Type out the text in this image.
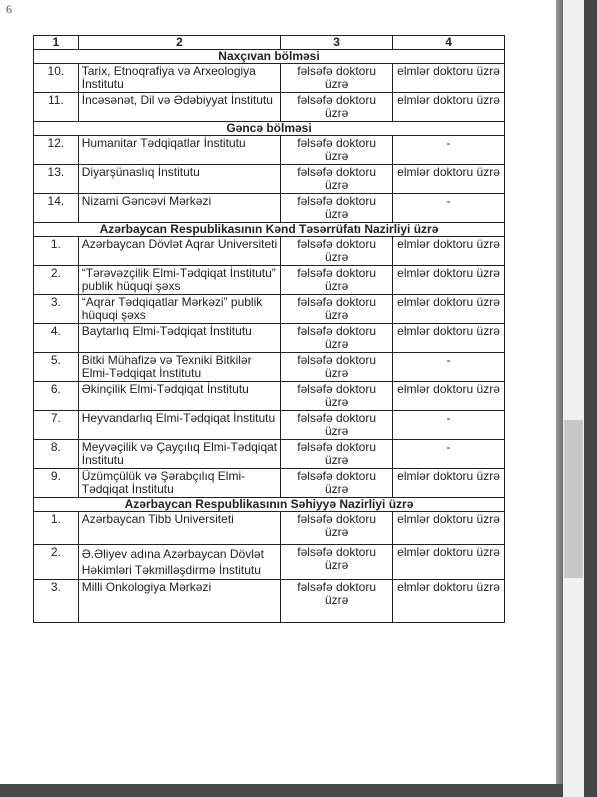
6
1	2	3	4
Naxçıvan bölməsi			
10.	Tarix, Etnoqrafiya və Arxeologiya İnstitutu	fəlsəfə doktoru üzrə	elmlər doktoru üzrə
11.	İncəsənət, Dil və Ədəbiyyat İnstitutu	fəlsəfə doktoru üzrə	elmlər doktoru üzrə
Gəncə bölməsi			
12.	Humanitar Tədqiqatlar İnstitutu	fəlsəfə doktoru üzrə	-
13.	Diyarşünaslıq İnstitutu	fəlsəfə doktoru üzrə	elmlər doktoru üzrə
14.	Nizami Gəncəvi Mərkəzi	fəlsəfə doktoru üzrə	-
Azərbaycan Respublikasının Kənd Təsərrüfatı Nazirliyi üzrə			
1.	Azərbaycan Dövlət Aqrar Universiteti	fəlsəfə doktoru üzrə	elmlər doktoru üzrə
2.	“Tərəvəzçilik Elmi-Tədqiqat İnstitutu” publik hüquqi şəxs	fəlsəfə doktoru üzrə	elmlər doktoru üzrə
3.	“Aqrar Tədqiqatlar Mərkəzi” publik hüquqi şəxs	fəlsəfə doktoru üzrə	elmlər doktoru üzrə
4.	Baytarlıq Elmi-Tədqiqat İnstitutu	fəlsəfə doktoru üzrə	elmlər doktoru üzrə
5.	Bitki Mühafizə və Texniki Bitkilər Elmi-Tədqiqat İnstitutu	fəlsəfə doktoru üzrə	-
6.	Əkinçilik Elmi-Tədqiqat İnstitutu	fəlsəfə doktoru üzrə	elmlər doktoru üzrə
7.	Heyvandarlıq Elmi-Tədqiqat İnstitutu	fəlsəfə doktoru üzrə	-
8.	Meyvəçilik və Çayçılıq Elmi-Tədqiqat İnstitutu	fəlsəfə doktoru üzrə	-
9.	Üzümçülük və Şərabçılıq Elmi-Tədqiqat İnstitutu	fəlsəfə doktoru üzrə	elmlər doktoru üzrə
Azərbaycan Respublikasının Səhiyyə Nazirliyi üzrə			
1.	Azərbaycan Tibb Universiteti	fəlsəfə doktoru üzrə	elmlər doktoru üzrə
2.	Ə.Əliyev adına Azərbaycan Dövlət Həkimləri Təkmilləşdirmə İnstitutu	fəlsəfə doktoru üzrə	elmlər doktoru üzrə
3.	Milli Onkologiya Mərkəzi	fəlsəfə doktoru üzrə	elmlər doktoru üzrə
